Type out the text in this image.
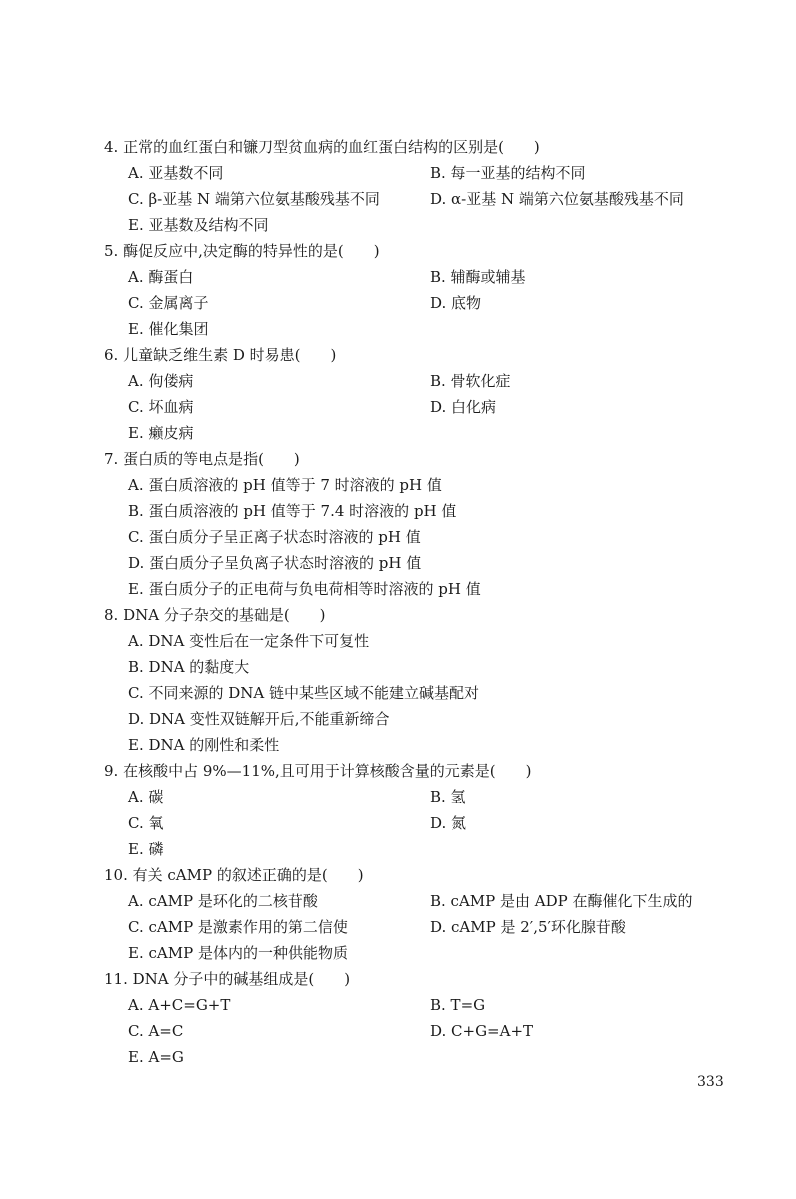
4. 正常的血红蛋白和镰刀型贫血病的血红蛋白结构的区别是(　　)
A. 亚基数不同	B. 每一亚基的结构不同
C. β-亚基 N 端第六位氨基酸残基不同	D. α-亚基 N 端第六位氨基酸残基不同
E. 亚基数及结构不同
5. 酶促反应中,决定酶的特异性的是(　　)
A. 酶蛋白	B. 辅酶或辅基
C. 金属离子	D. 底物
E. 催化集团
6. 儿童缺乏维生素 D 时易患(　　)
A. 佝偻病	B. 骨软化症
C. 坏血病	D. 白化病
E. 癞皮病
7. 蛋白质的等电点是指(　　)
A. 蛋白质溶液的 pH 值等于 7 时溶液的 pH 值
B. 蛋白质溶液的 pH 值等于 7.4 时溶液的 pH 值
C. 蛋白质分子呈正离子状态时溶液的 pH 值
D. 蛋白质分子呈负离子状态时溶液的 pH 值
E. 蛋白质分子的正电荷与负电荷相等时溶液的 pH 值
8. DNA 分子杂交的基础是(　　)
A. DNA 变性后在一定条件下可复性
B. DNA 的黏度大
C. 不同来源的 DNA 链中某些区域不能建立碱基配对
D. DNA 变性双链解开后,不能重新缔合
E. DNA 的刚性和柔性
9. 在核酸中占 9%—11%,且可用于计算核酸含量的元素是(　　)
A. 碳	B. 氢
C. 氧	D. 氮
E. 磷
10. 有关 cAMP 的叙述正确的是(　　)
A. cAMP 是环化的二核苷酸	B. cAMP 是由 ADP 在酶催化下生成的
C. cAMP 是激素作用的第二信使	D. cAMP 是 2′,5′环化腺苷酸
E. cAMP 是体内的一种供能物质
11. DNA 分子中的碱基组成是(　　)
A. A+C=G+T	B. T=G
C. A=C	D. C+G=A+T
E. A=G
333
